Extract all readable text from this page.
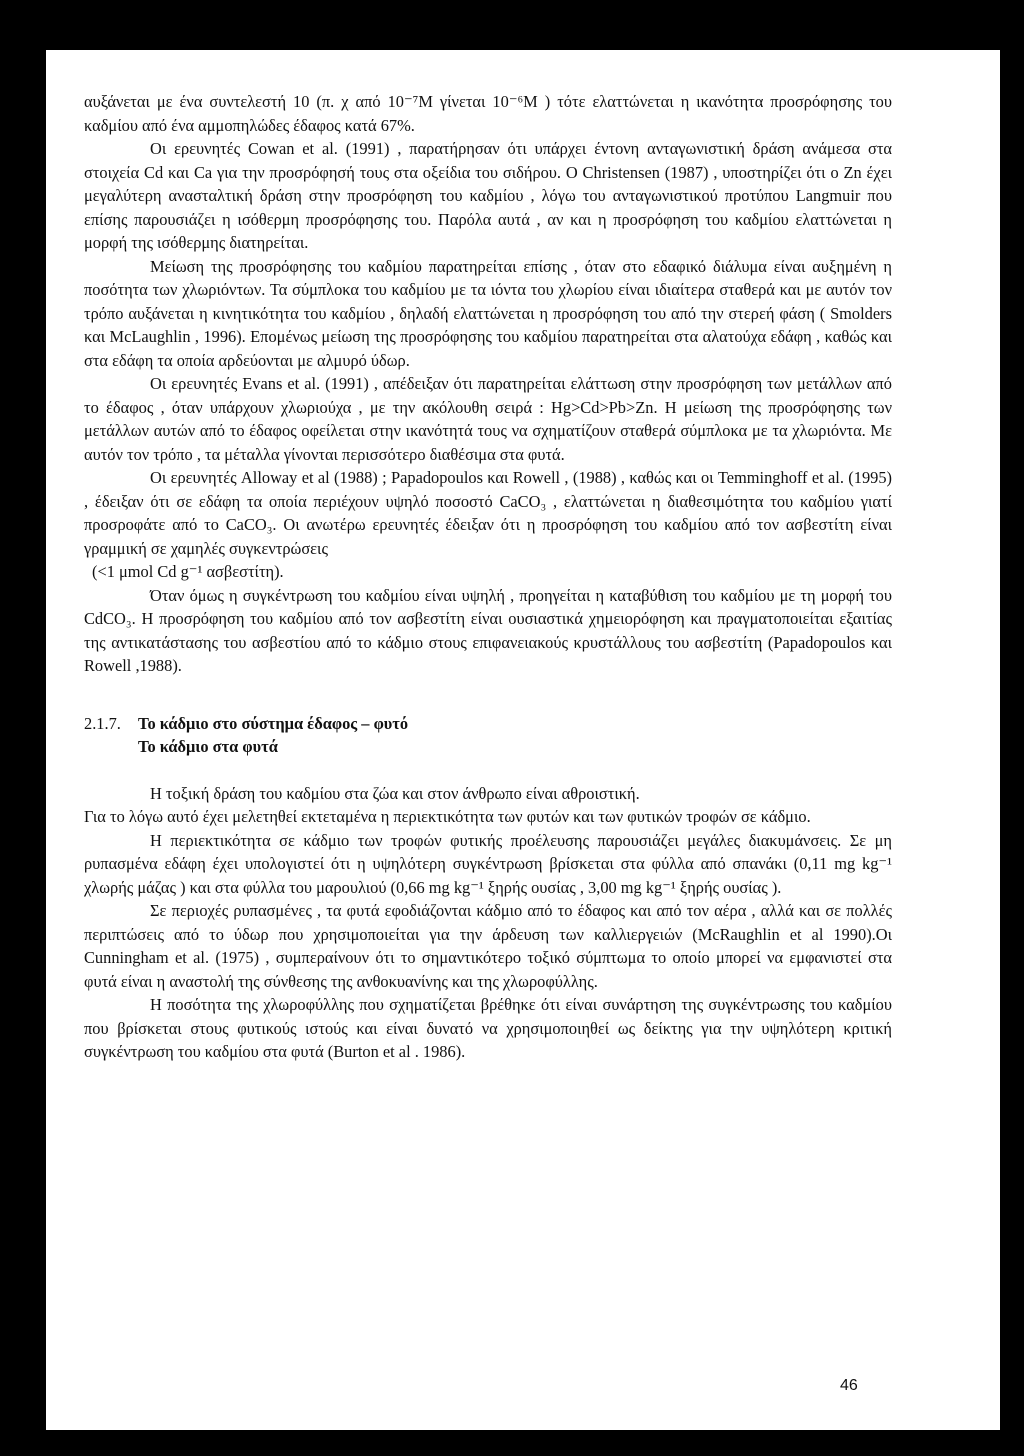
αυξάνεται με ένα συντελεστή 10 (π. χ από 10⁻⁷Μ γίνεται 10⁻⁶Μ ) τότε ελαττώνεται η ικανότητα προσρόφησης του καδμίου από ένα αμμοπηλώδες έδαφος κατά 67%.

Οι ερευνητές Cowan et al. (1991) , παρατήρησαν ότι υπάρχει έντονη ανταγωνιστική δράση ανάμεσα στα στοιχεία Cd και Ca για την προσρόφησή τους στα οξείδια του σιδήρου. Ο Christensen (1987) , υποστηρίζει ότι ο Zn έχει μεγαλύτερη ανασταλτική δράση στην προσρόφηση του καδμίου , λόγω του ανταγωνιστικού προτύπου Langmuir που επίσης παρουσιάζει η ισόθερμη προσρόφησης του. Παρόλα αυτά , αν και η προσρόφηση του καδμίου ελαττώνεται η μορφή της ισόθερμης διατηρείται.

Μείωση της προσρόφησης του καδμίου παρατηρείται επίσης , όταν στο εδαφικό διάλυμα είναι αυξημένη η ποσότητα των χλωριόντων. Τα σύμπλοκα του καδμίου με τα ιόντα του χλωρίου είναι ιδιαίτερα σταθερά και με αυτόν τον τρόπο αυξάνεται η κινητικότητα του καδμίου , δηλαδή ελαττώνεται η προσρόφηση του από την στερεή φάση ( Smolders και McLaughlin , 1996). Επομένως μείωση της προσρόφησης του καδμίου παρατηρείται στα αλατούχα εδάφη , καθώς και στα εδάφη τα οποία αρδεύονται με αλμυρό ύδωρ.

Οι ερευνητές Evans et al. (1991) , απέδειξαν ότι παρατηρείται ελάττωση στην προσρόφηση των μετάλλων από το έδαφος , όταν υπάρχουν χλωριούχα , με την ακόλουθη σειρά : Hg>Cd>Pb>Zn. Η μείωση της προσρόφησης των μετάλλων αυτών από το έδαφος οφείλεται στην ικανότητά τους να σχηματίζουν σταθερά σύμπλοκα με τα χλωριόντα. Με αυτόν τον τρόπο , τα μέταλλα γίνονται περισσότερο διαθέσιμα στα φυτά.

Οι ερευνητές Alloway et al (1988) ; Papadopoulos και Rowell , (1988) , καθώς και οι Temminghoff et al. (1995) , έδειξαν ότι σε εδάφη τα οποία περιέχουν υψηλό ποσοστό CaCO₃ , ελαττώνεται η διαθεσιμότητα του καδμίου γιατί προσροφάτε από το CaCO₃. Οι ανωτέρω ερευνητές έδειξαν ότι η προσρόφηση του καδμίου από τον ασβεστίτη είναι γραμμική σε χαμηλές συγκεντρώσεις

(<1 μmol Cd g⁻¹ ασβεστίτη).

Όταν όμως η συγκέντρωση του καδμίου είναι υψηλή , προηγείται η καταβύθιση του καδμίου με τη μορφή του CdCO₃. Η προσρόφηση του καδμίου από τον ασβεστίτη είναι ουσιαστικά χημειορόφηση και πραγματοποιείται εξαιτίας της αντικατάστασης του ασβεστίου από το κάδμιο στους επιφανειακούς κρυστάλλους του ασβεστίτη (Papadopoulos και Rowell ,1988).

2.1.7. Το κάδμιο στο σύστημα έδαφος – φυτό

Το κάδμιο στα φυτά

Η τοξική δράση του καδμίου στα ζώα και στον άνθρωπο είναι αθροιστική.

Για το λόγω αυτό έχει μελετηθεί εκτεταμένα η περιεκτικότητα των φυτών και των φυτικών τροφών σε κάδμιο.

Η περιεκτικότητα σε κάδμιο των τροφών φυτικής προέλευσης παρουσιάζει μεγάλες διακυμάνσεις. Σε μη ρυπασμένα εδάφη έχει υπολογιστεί ότι η υψηλότερη συγκέντρωση βρίσκεται στα φύλλα από σπανάκι (0,11 mg kg⁻¹ χλωρής μάζας ) και στα φύλλα του μαρουλιού (0,66 mg kg⁻¹ ξηρής ουσίας , 3,00 mg kg⁻¹ ξηρής ουσίας ).

Σε περιοχές ρυπασμένες , τα φυτά εφοδιάζονται κάδμιο από το έδαφος και από τον αέρα , αλλά και σε πολλές περιπτώσεις από το ύδωρ που χρησιμοποιείται για την άρδευση των καλλιεργειών (McRaughlin et al 1990).Οι Cunningham et al. (1975) , συμπεραίνουν ότι το σημαντικότερο τοξικό σύμπτωμα το οποίο μπορεί να εμφανιστεί στα φυτά είναι η αναστολή της σύνθεσης της ανθοκυανίνης και της χλωροφύλλης.

Η ποσότητα της χλωροφύλλης που σχηματίζεται βρέθηκε ότι είναι συνάρτηση της συγκέντρωσης του καδμίου που βρίσκεται στους φυτικούς ιστούς και είναι δυνατό να χρησιμοποιηθεί ως δείκτης για την υψηλότερη κριτική συγκέντρωση του καδμίου στα φυτά (Burton et al . 1986).

46
